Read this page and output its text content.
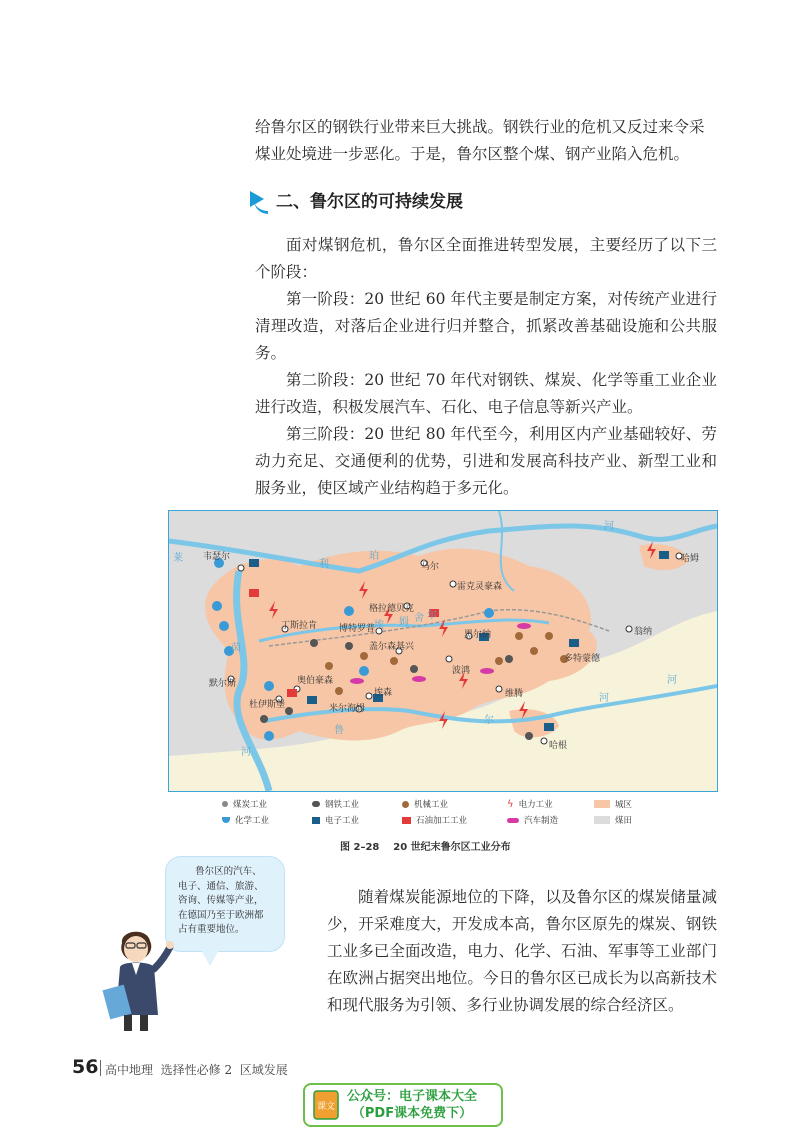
给鲁尔区的钢铁行业带来巨大挑战。钢铁行业的危机又反过来令采
煤业处境进一步恶化。于是，鲁尔区整个煤、钢产业陷入危机。

二、鲁尔区的可持续发展

面对煤钢危机，鲁尔区全面推进转型发展，主要经历了以下三个阶段：

第一阶段：20 世纪 60 年代主要是制定方案，对传统产业进行清理改造，对落后企业进行归并整合，抓紧改善基础设施和公共服务。

第二阶段：20 世纪 70 年代对钢铁、煤炭、化学等重工业企业进行改造，积极发展汽车、石化、电子信息等新兴产业。

第三阶段：20 世纪 80 年代至今，利用区内产业基础较好、劳动力充足、交通便利的优势，引进和发展高科技产业、新型工业和服务业，使区域产业结构趋于多元化。

韦瑟尔
马尔
雷克灵豪森
格拉德贝克
丁斯拉肯 博特罗普
盖尔森基兴
黑尔纳
多特蒙德
哈姆
翁纳
默尔斯	奥伯豪森
杜伊斯堡	米尔海姆
埃森
波鸿
维腾
哈根
莱
茵
河
利
珀
河
埃 姆 舍 尔
鲁
尔
河
河
煤炭工业	钢铁工业	机械工业	ϟ 电力工业	城区
化学工业	电子工业	石油加工工业	汽车制造	煤田
图 2–28    20 世纪末鲁尔区工业分布

鲁尔区的汽车、

电子、通信、旅游、

咨询、传媒等产业，

在德国乃至于欧洲都

占有重要地位。

随着煤炭能源地位的下降，以及鲁尔区的煤炭储量减少，开采难度大，开发成本高，鲁尔区原先的煤炭、钢铁工业多已全面改造，电力、化学、石油、军事等工业部门在欧洲占据突出地位。今日的鲁尔区已成长为以高新技术和现代服务为引领、多行业协调发展的综合经济区。

56 高中地理  选择性必修 2  区域发展
课文
公众号：电子课本大全
（PDF课本免费下）
